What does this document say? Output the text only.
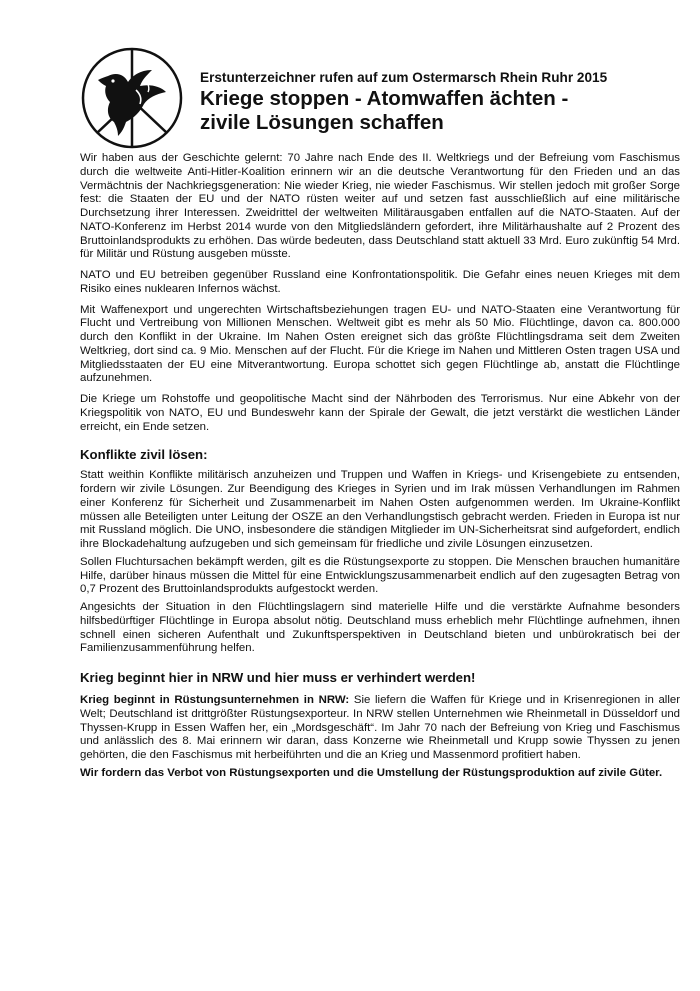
Erstunterzeichner rufen auf zum Ostermarsch Rhein Ruhr 2015
Kriege stoppen - Atomwaffen ächten -
zivile Lösungen schaffen

Wir haben aus der Geschichte gelernt: 70 Jahre nach Ende des II. Weltkriegs und der Befreiung vom Faschismus durch die weltweite Anti-Hitler-Koalition erinnern wir an die deutsche Verantwortung für den Frieden und an das Vermächtnis der Nachkriegsgeneration: Nie wieder Krieg, nie wieder Faschismus. Wir stellen jedoch mit großer Sorge fest: die Staaten der EU und der NATO rüsten weiter auf und setzen fast ausschließlich auf eine militärische Durchsetzung ihrer Interessen. Zweidrittel der weltweiten Militärausgaben entfallen auf die NATO-Staaten. Auf der NATO-Konferenz im Herbst 2014 wurde von den Mitgliedsländern gefordert, ihre Militärhaushalte auf 2 Prozent des Bruttoinlandsprodukts zu erhöhen. Das würde bedeuten, dass Deutschland statt aktuell 33 Mrd. Euro zukünftig 54 Mrd. für Militär und Rüstung ausgeben müsste.

NATO und EU betreiben gegenüber Russland eine Konfrontationspolitik. Die Gefahr eines neuen Krieges mit dem Risiko eines nuklearen Infernos wächst.

Mit Waffenexport und ungerechten Wirtschaftsbeziehungen tragen EU- und NATO-Staaten eine Verantwortung für Flucht und Vertreibung von Millionen Menschen. Weltweit gibt es mehr als 50 Mio. Flüchtlinge, davon ca. 800.000 durch den Konflikt in der Ukraine. Im Nahen Osten ereignet sich das größte Flüchtlingsdrama seit dem Zweiten Weltkrieg, dort sind ca. 9 Mio. Menschen auf der Flucht. Für die Kriege im Nahen und Mittleren Osten tragen USA und Mitgliedsstaaten der EU eine Mitverantwortung. Europa schottet sich gegen Flüchtlinge ab, anstatt die Flüchtlinge aufzunehmen.

Die Kriege um Rohstoffe und geopolitische Macht sind der Nährboden des Terrorismus. Nur eine Abkehr von der Kriegspolitik von NATO, EU und Bundeswehr kann der Spirale der Gewalt, die jetzt verstärkt die westlichen Länder erreicht, ein Ende setzen.

Konflikte zivil lösen:

Statt weithin Konflikte militärisch anzuheizen und Truppen und Waffen in Kriegs- und Krisengebiete zu entsenden, fordern wir zivile Lösungen. Zur Beendigung des Krieges in Syrien und im Irak müssen Verhandlungen im Rahmen einer Konferenz für Sicherheit und Zusammenarbeit im Nahen Osten aufgenommen werden. Im Ukraine-Konflikt müssen alle Beteiligten unter Leitung der OSZE an den Verhandlungstisch gebracht werden. Frieden in Europa ist nur mit Russland möglich. Die UNO, insbesondere die ständigen Mitglieder im UN-Sicherheitsrat sind aufgefordert, endlich ihre Blockadehaltung aufzugeben und sich gemeinsam für friedliche und zivile Lösungen einzusetzen.

Sollen Fluchtursachen bekämpft werden, gilt es die Rüstungsexporte zu stoppen. Die Menschen brauchen humanitäre Hilfe, darüber hinaus müssen die Mittel für eine Entwicklungszusammenarbeit endlich auf den zugesagten Betrag von 0,7 Prozent des Bruttoinlandsprodukts aufgestockt werden.

Angesichts der Situation in den Flüchtlingslagern sind materielle Hilfe und die verstärkte Aufnahme besonders hilfsbedürftiger Flüchtlinge in Europa absolut nötig. Deutschland muss erheblich mehr Flüchtlinge aufnehmen, ihnen schnell einen sicheren Aufenthalt und Zukunftsperspektiven in Deutschland bieten und unbürokratisch bei der Familienzusammenführung helfen.

Krieg beginnt hier in NRW und hier muss er verhindert werden!

Krieg beginnt in Rüstungsunternehmen in NRW: Sie liefern die Waffen für Kriege und in Krisenregionen in aller Welt; Deutschland ist drittgrößter Rüstungsexporteur. In NRW stellen Unternehmen wie Rheinmetall in Düsseldorf und Thyssen-Krupp in Essen Waffen her, ein „Mordsgeschäft“. Im Jahr 70 nach der Befreiung von Krieg und Faschismus und anlässlich des 8. Mai erinnern wir daran, dass Konzerne wie Rheinmetall und Krupp sowie Thyssen zu jenen gehörten, die den Faschismus mit herbeiführten und die an Krieg und Massenmord profitiert haben.

Wir fordern das Verbot von Rüstungsexporten und die Umstellung der Rüstungsproduktion auf zivile Güter.
